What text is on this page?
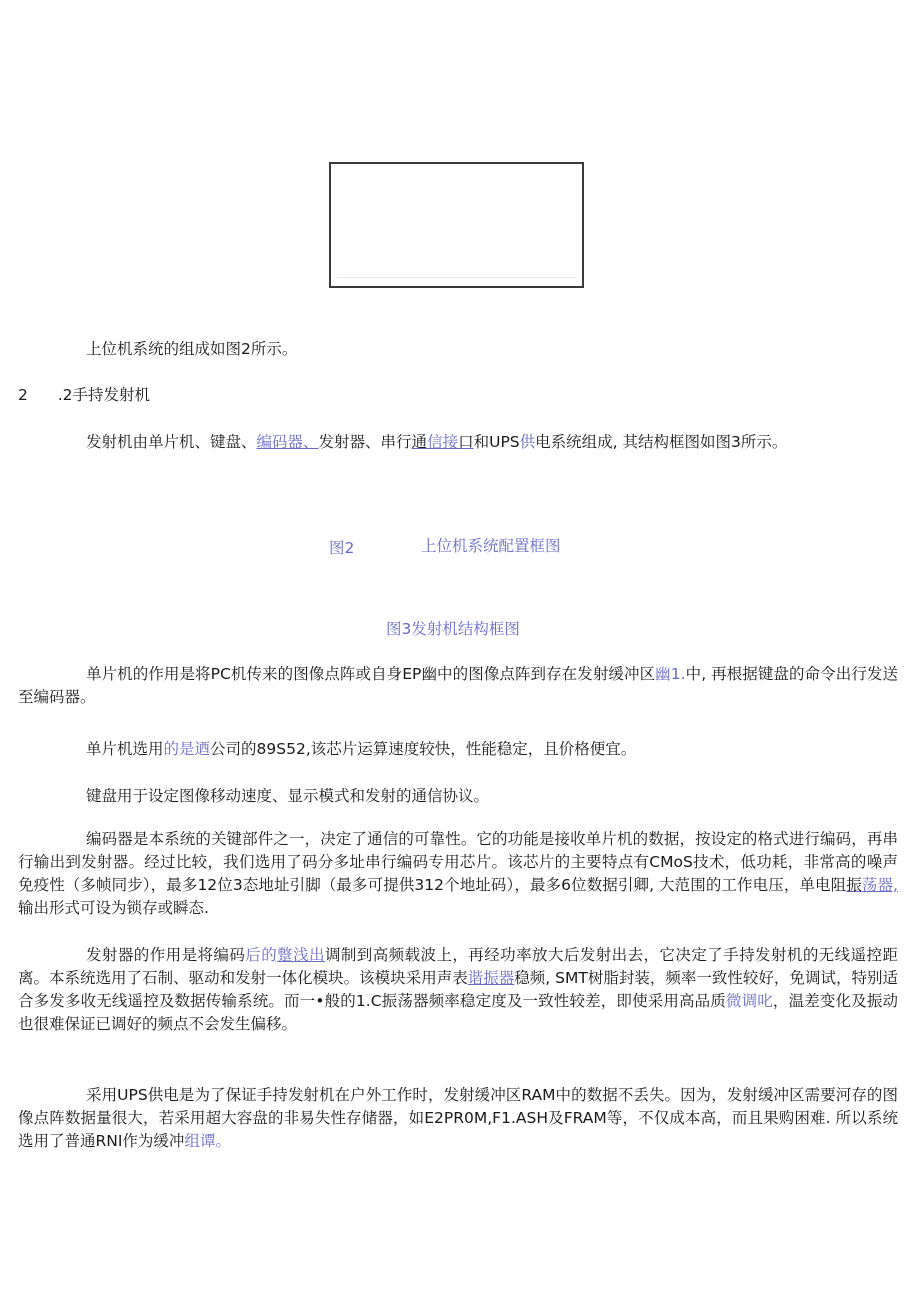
上位机系统的组成如图2所示。
2 .2手持发射机
发射机由单片机、键盘、编码器、发射器、串行通信接口和UPS供电系统组成, 其结构框图如图3所示。
图2	上位机系统配置框图
图3发射机结构框图
单片机的作用是将PC机传来的图像点阵或自身EP幽中的图像点阵到存在发射缓冲区幽1.中, 再根据键盘的命令出行发送至编码器。
单片机选用的是迺公司的89S52,该芯片运算速度较快，性能稳定，且价格便宜。
键盘用于设定图像移动速度、显示模式和发射的通信协议。
编码器是本系统的关键部件之一，决定了通信的可靠性。它的功能是接收单片机的数据，按设定的格式进行编码，再串行输出到发射器。经过比较，我们选用了码分多址串行编码专用芯片。该芯片的主要特点有CMoS技术，低功耗，非常高的噪声免疫性（多帧同步），最多12位3态地址引脚（最多可提供312个地址码），最多6位数据引卿, 大范围的工作电压，单电阻振荡器, 输出形式可设为锁存或瞬态.
发射器的作用是将编码后的蹩浅出调制到高频载波上，再经功率放大后发射出去，它决定了手持发射机的无线遥控距离。本系统选用了石制、驱动和发射一体化模块。该模块采用声表谐振器稳频, SMT树脂封装，频率一致性较好，免调试，特别适合多发多收无线遥控及数据传输系统。而一•般的1.C振荡器频率稳定度及一致性较差，即使采用高品质微调叱，温差变化及振动也很难保证已调好的频点不会发生偏移。
采用UPS供电是为了保证手持发射机在户外工作时，发射缓冲区RAM中的数据不丢失。因为，发射缓冲区需要河存的图像点阵数据量很大，若采用超大容盘的非易失性存储器，如E2PR0M,F1.ASH及FRAM等，不仅成本高，而且果购困难. 所以系统选用了普通RNI作为缓冲组谭。
